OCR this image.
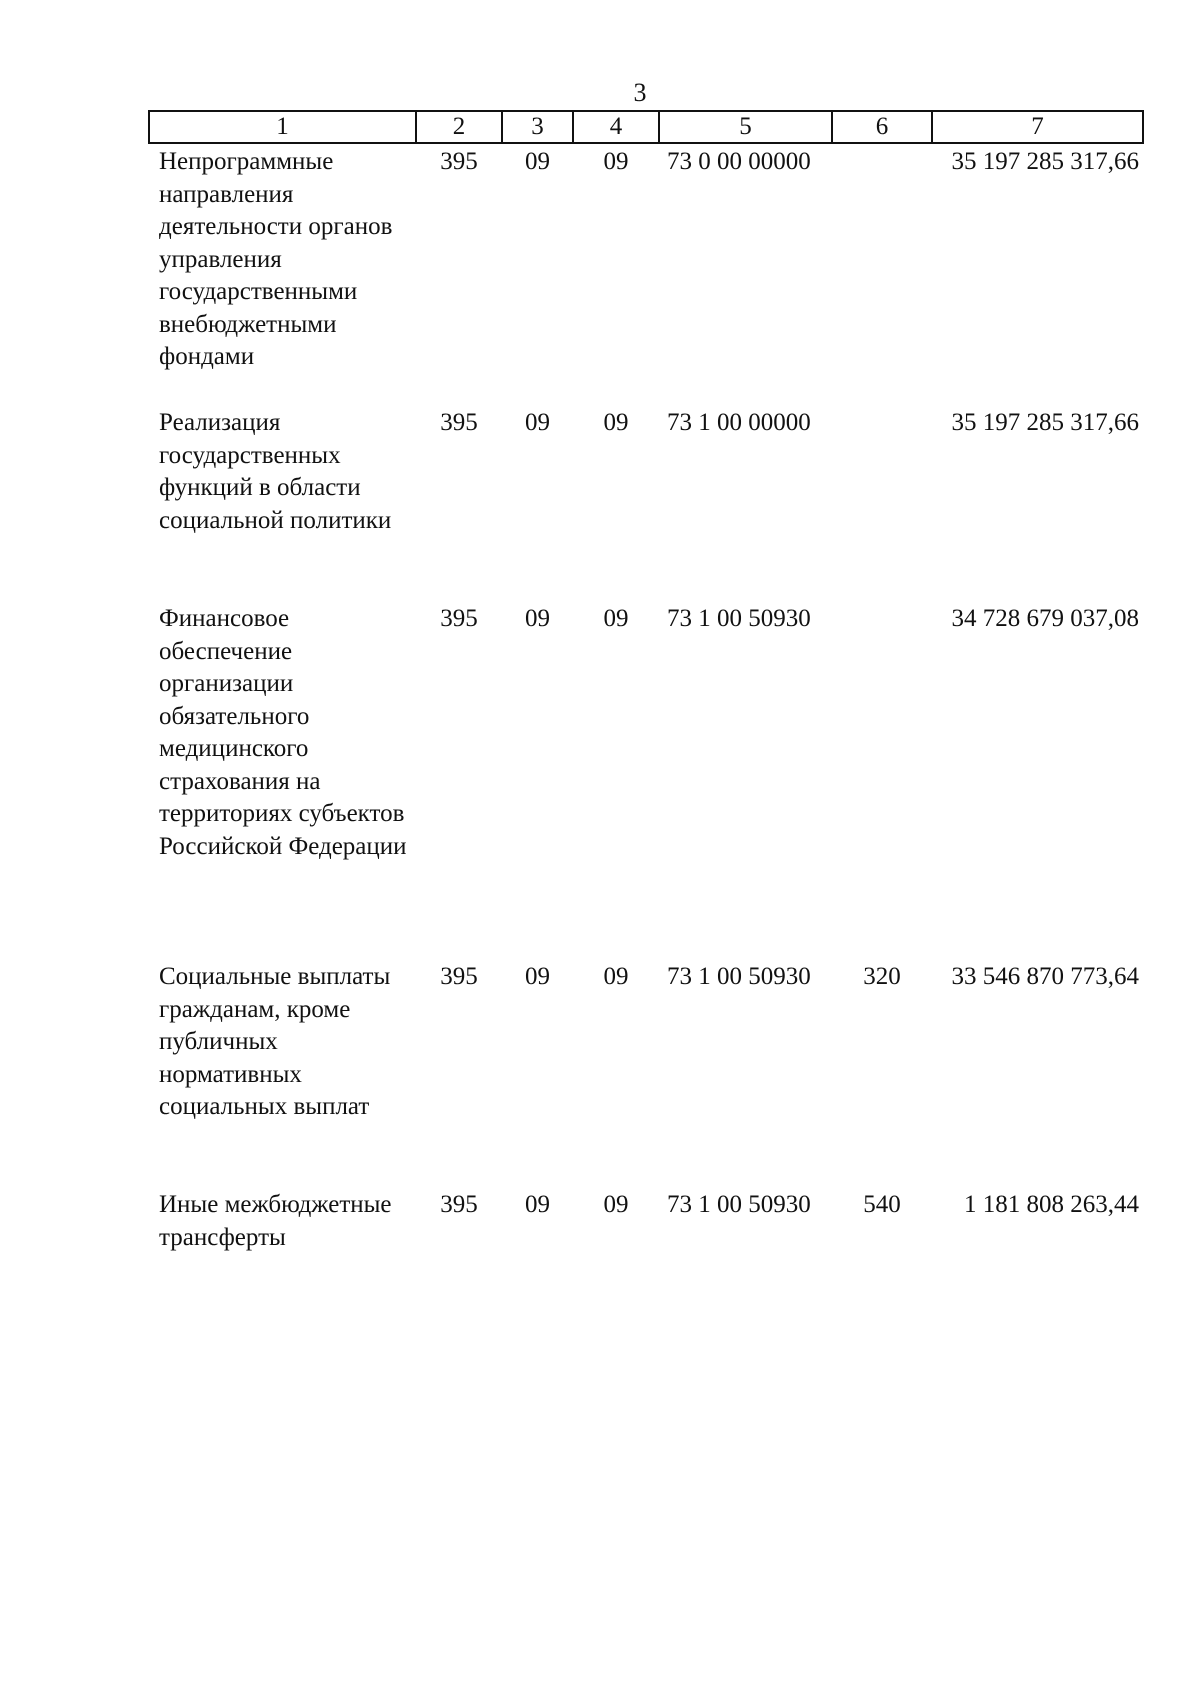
3
1	2	3	4	5	6	7
Непрограммные направления деятельности органов управления государственными внебюджетными фондами	395	09	09	73 0 00 00000		35 197 285 317,66
Реализация государственных функций в области социальной политики	395	09	09	73 1 00 00000		35 197 285 317,66
Финансовое обеспечение организации обязательного медицинского страхования на территориях субъектов Российской Федерации	395	09	09	73 1 00 50930		34 728 679 037,08
Социальные выплаты гражданам, кроме публичных нормативных социальных выплат	395	09	09	73 1 00 50930	320	33 546 870 773,64
Иные межбюджетные трансферты	395	09	09	73 1 00 50930	540	1 181 808 263,44
